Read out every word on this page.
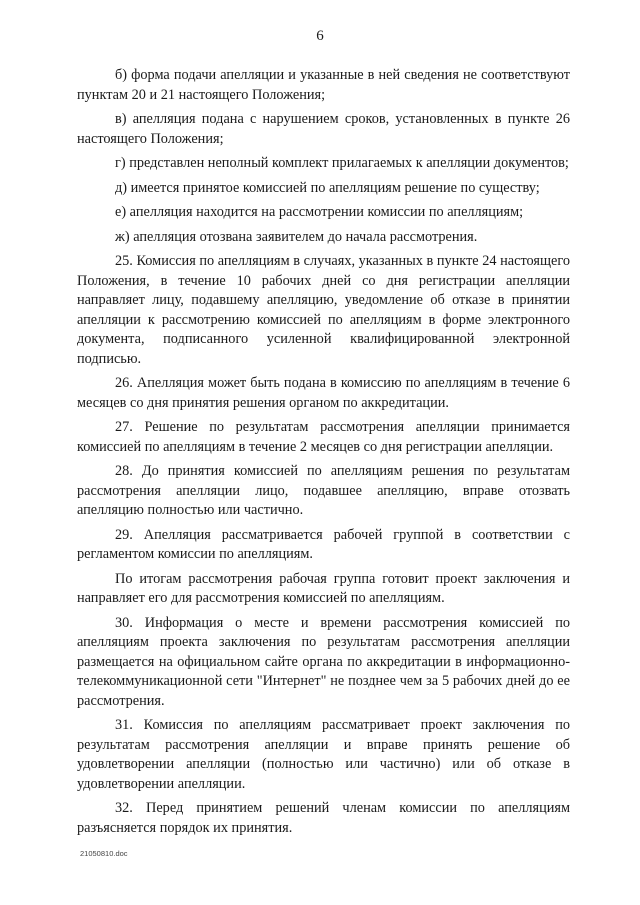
6

б) форма подачи апелляции и указанные в ней сведения не соответствуют пунктам 20 и 21 настоящего Положения;

в) апелляция подана с нарушением сроков, установленных в пункте 26 настоящего Положения;

г) представлен неполный комплект прилагаемых к апелляции документов;

д) имеется принятое комиссией по апелляциям решение по существу;

е) апелляция находится на рассмотрении комиссии по апелляциям;

ж) апелляция отозвана заявителем до начала рассмотрения.

25. Комиссия по апелляциям в случаях, указанных в пункте 24 настоящего Положения, в течение 10 рабочих дней со дня регистрации апелляции направляет лицу, подавшему апелляцию, уведомление об отказе в принятии апелляции к рассмотрению комиссией по апелляциям в форме электронного документа, подписанного усиленной квалифицированной электронной подписью.

26. Апелляция может быть подана в комиссию по апелляциям в течение 6 месяцев со дня принятия решения органом по аккредитации.

27. Решение по результатам рассмотрения апелляции принимается комиссией по апелляциям в течение 2 месяцев со дня регистрации апелляции.

28. До принятия комиссией по апелляциям решения по результатам рассмотрения апелляции лицо, подавшее апелляцию, вправе отозвать апелляцию полностью или частично.

29. Апелляция рассматривается рабочей группой в соответствии с регламентом комиссии по апелляциям.

По итогам рассмотрения рабочая группа готовит проект заключения и направляет его для рассмотрения комиссией по апелляциям.

30. Информация о месте и времени рассмотрения комиссией по апелляциям проекта заключения по результатам рассмотрения апелляции размещается на официальном сайте органа по аккредитации в информационно-телекоммуникационной сети "Интернет" не позднее чем за 5 рабочих дней до ее рассмотрения.

31. Комиссия по апелляциям рассматривает проект заключения по результатам рассмотрения апелляции и вправе принять решение об удовлетворении апелляции (полностью или частично) или об отказе в удовлетворении апелляции.

32. Перед принятием решений членам комиссии по апелляциям разъясняется порядок их принятия.

21050810.doc
